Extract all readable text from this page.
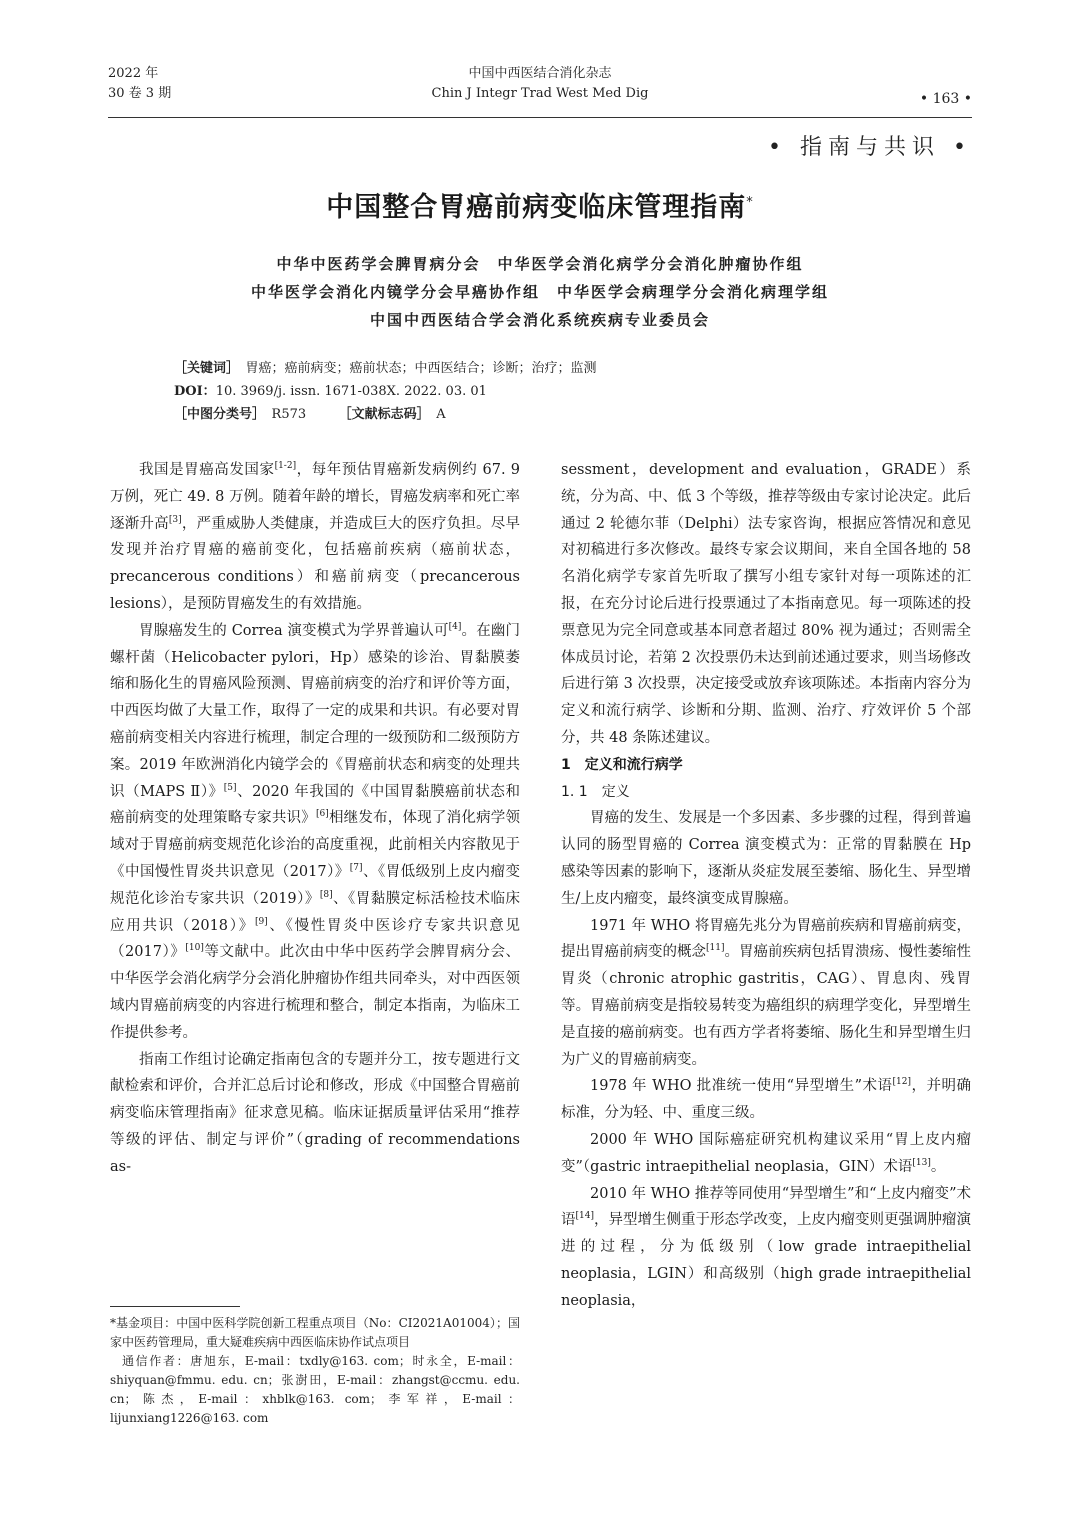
2022 年
30 卷 3 期
中国中西医结合消化杂志
Chin J Integr Trad West Med Dig	• 163 •
• 指南与共识 •
中国整合胃癌前病变临床管理指南*
中华中医药学会脾胃病分会　中华医学会消化病学分会消化肿瘤协作组
中华医学会消化内镜学分会早癌协作组　中华医学会病理学分会消化病理学组
中国中西医结合学会消化系统疾病专业委员会
［关键词］　 胃癌；癌前病变；癌前状态；中西医结合；诊断；治疗；监测
DOI：10. 3969/j. issn. 1671-038X. 2022. 03. 01
［中图分类号］　 R573　　　	［文献标志码］　 A

我国是胃癌高发国家[1-2]，每年预估胃癌新发病例约 67. 9 万例，死亡 49. 8 万例。随着年龄的增长，胃癌发病率和死亡率逐渐升高[3]，严重威胁人类健康，并造成巨大的医疗负担。尽早发现并治疗胃癌的癌前变化，包括癌前疾病（癌前状态，precancerous conditions）和癌前病变（precancerous lesions），是预防胃癌发生的有效措施。

胃腺癌发生的 Correa 演变模式为学界普遍认可[4]。在幽门螺杆菌（Helicobacter pylori，Hp）感染的诊治、胃黏膜萎缩和肠化生的胃癌风险预测、胃癌前病变的治疗和评价等方面，中西医均做了大量工作，取得了一定的成果和共识。有必要对胃癌前病变相关内容进行梳理，制定合理的一级预防和二级预防方案。2019 年欧洲消化内镜学会的《胃癌前状态和病变的处理共识（MAPS Ⅱ）》[5]、2020 年我国的《中国胃黏膜癌前状态和癌前病变的处理策略专家共识》[6]相继发布，体现了消化病学领域对于胃癌前病变规范化诊治的高度重视，此前相关内容散见于《中国慢性胃炎共识意见（2017）》[7]、《胃低级别上皮内瘤变规范化诊治专家共识（2019）》[8]、《胃黏膜定标活检技术临床应用共识（2018）》[9]、《慢性胃炎中医诊疗专家共识意见（2017）》[10]等文献中。此次由中华中医药学会脾胃病分会、中华医学会消化病学分会消化肿瘤协作组共同牵头，对中西医领域内胃癌前病变的内容进行梳理和整合，制定本指南，为临床工作提供参考。

指南工作组讨论确定指南包含的专题并分工，按专题进行文献检索和评价，合并汇总后讨论和修改，形成《中国整合胃癌前病变临床管理指南》征求意见稿。临床证据质量评估采用“推荐等级的评估、制定与评价”（grading of recommendations as-

sessment，development and evaluation，GRADE）系统，分为高、中、低 3 个等级，推荐等级由专家讨论决定。此后通过 2 轮德尔菲（Delphi）法专家咨询，根据应答情况和意见对初稿进行多次修改。最终专家会议期间，来自全国各地的 58 名消化病学专家首先听取了撰写小组专家针对每一项陈述的汇报，在充分讨论后进行投票通过了本指南意见。每一项陈述的投票意见为完全同意或基本同意者超过 80% 视为通过；否则需全体成员讨论，若第 2 次投票仍未达到前述通过要求，则当场修改后进行第 3 次投票，决定接受或放弃该项陈述。本指南内容分为定义和流行病学、诊断和分期、监测、治疗、疗效评价 5 个部分，共 48 条陈述建议。

1　定义和流行病学

1. 1　定义

胃癌的发生、发展是一个多因素、多步骤的过程，得到普遍认同的肠型胃癌的 Correa 演变模式为：正常的胃黏膜在 Hp 感染等因素的影响下，逐渐从炎症发展至萎缩、肠化生、异型增生/上皮内瘤变，最终演变成胃腺癌。

1971 年 WHO 将胃癌先兆分为胃癌前疾病和胃癌前病变，提出胃癌前病变的概念[11]。胃癌前疾病包括胃溃疡、慢性萎缩性胃炎（chronic atrophic gastritis，CAG）、胃息肉、残胃等。胃癌前病变是指较易转变为癌组织的病理学变化，异型增生是直接的癌前病变。也有西方学者将萎缩、肠化生和异型增生归为广义的胃癌前病变。

1978 年 WHO 批准统一使用“异型增生”术语[12]，并明确标准，分为轻、中、重度三级。

2000 年 WHO 国际癌症研究机构建议采用“胃上皮内瘤变”（gastric intraepithelial neoplasia，GIN）术语[13]。

2010 年 WHO 推荐等同使用“异型增生”和“上皮内瘤变”术语[14]，异型增生侧重于形态学改变，上皮内瘤变则更强调肿瘤演进的过程，分为低级别（low grade intraepithelial neoplasia，LGIN）和高级别（high grade intraepithelial neoplasia，

*基金项目：中国中医科学院创新工程重点项目（No：CI2021A01004）；国家中医药管理局，重大疑难疾病中西医临床协作试点项目

通信作者：唐旭东，E-mail：txdly@163. com；时永全，E-mail：shiyquan@fmmu. edu. cn；张澍田，E-mail：zhangst@ccmu. edu. cn；陈杰，E-mail：xhblk@163. com；李军祥，E-mail：lijunxiang1226@163. com
